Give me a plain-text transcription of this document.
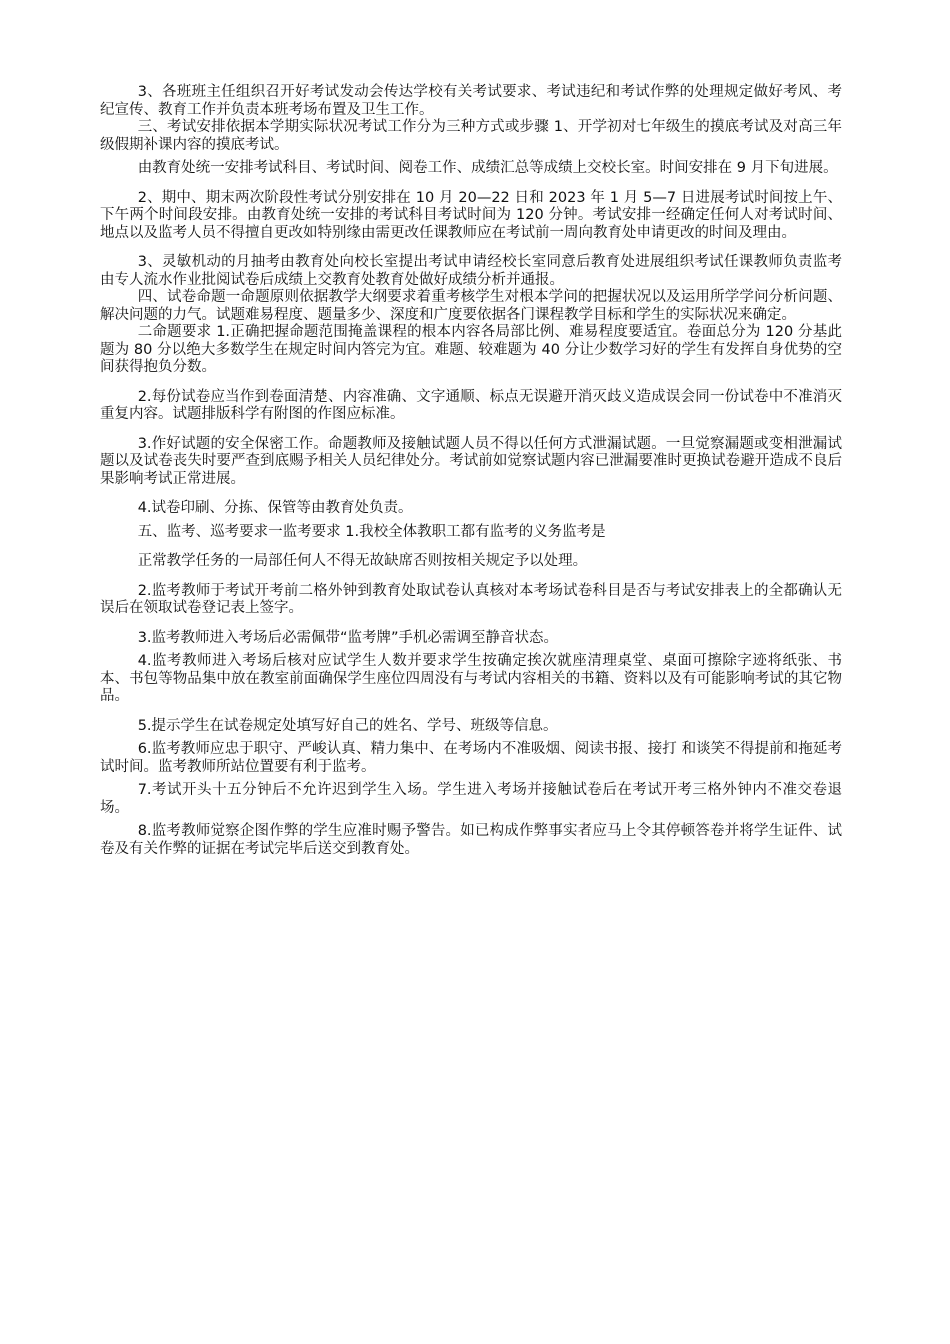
3、各班班主任组织召开好考试发动会传达学校有关考试要求、考试违纪和考试作弊的处理规定做好考风、考纪宣传、教育工作并负责本班考场布置及卫生工作。

三、考试安排依据本学期实际状况考试工作分为三种方式或步骤 1、开学初对七年级生的摸底考试及对高三年级假期补课内容的摸底考试。

由教育处统一安排考试科目、考试时间、阅卷工作、成绩汇总等成绩上交校长室。时间安排在 9 月下旬进展。

2、期中、期末两次阶段性考试分别安排在 10 月 20—22 日和 2023 年 1 月 5—7 日进展考试时间按上午、下午两个时间段安排。由教育处统一安排的考试科目考试时间为 120 分钟。考试安排一经确定任何人对考试时间、地点以及监考人员不得擅自更改如特别缘由需更改任课教师应在考试前一周向教育处申请更改的时间及理由。

3、灵敏机动的月抽考由教育处向校长室提出考试申请经校长室同意后教育处进展组织考试任课教师负责监考由专人流水作业批阅试卷后成绩上交教育处教育处做好成绩分析并通报。

四、试卷命题一命题原则依据教学大纲要求着重考核学生对根本学问的把握状况以及运用所学学问分析问题、解决问题的力气。试题难易程度、题量多少、深度和广度要依据各门课程教学目标和学生的实际状况来确定。

二命题要求 1.正确把握命题范围掩盖课程的根本内容各局部比例、难易程度要适宜。卷面总分为 120 分基此题为 80 分以绝大多数学生在规定时间内答完为宜。难题、较难题为 40 分让少数学习好的学生有发挥自身优势的空间获得抱负分数。

2.每份试卷应当作到卷面清楚、内容准确、文字通顺、标点无误避开消灭歧义造成误会同一份试卷中不准消灭重复内容。试题排版科学有附图的作图应标准。

3.作好试题的安全保密工作。命题教师及接触试题人员不得以任何方式泄漏试题。一旦觉察漏题或变相泄漏试题以及试卷丧失时要严查到底赐予相关人员纪律处分。考试前如觉察试题内容已泄漏要准时更换试卷避开造成不良后果影响考试正常进展。

4.试卷印刷、分拣、保管等由教育处负责。

五、监考、巡考要求一监考要求 1.我校全体教职工都有监考的义务监考是

正常教学任务的一局部任何人不得无故缺席否则按相关规定予以处理。

2.监考教师于考试开考前二格外钟到教育处取试卷认真核对本考场试卷科目是否与考试安排表上的全都确认无误后在领取试卷登记表上签字。

3.监考教师进入考场后必需佩带“监考牌”手机必需调至静音状态。

4.监考教师进入考场后核对应试学生人数并要求学生按确定挨次就座清理桌堂、桌面可擦除字迹将纸张、书本、书包等物品集中放在教室前面确保学生座位四周没有与考试内容相关的书籍、资料以及有可能影响考试的其它物品。

5.提示学生在试卷规定处填写好自己的姓名、学号、班级等信息。

6.监考教师应忠于职守、严峻认真、精力集中、在考场内不准吸烟、阅读书报、接打 和谈笑不得提前和拖延考试时间。监考教师所站位置要有利于监考。

7.考试开头十五分钟后不允许迟到学生入场。学生进入考场并接触试卷后在考试开考三格外钟内不准交卷退场。

8.监考教师觉察企图作弊的学生应准时赐予警告。如已构成作弊事实者应马上令其停顿答卷并将学生证件、试卷及有关作弊的证据在考试完毕后送交到教育处。
